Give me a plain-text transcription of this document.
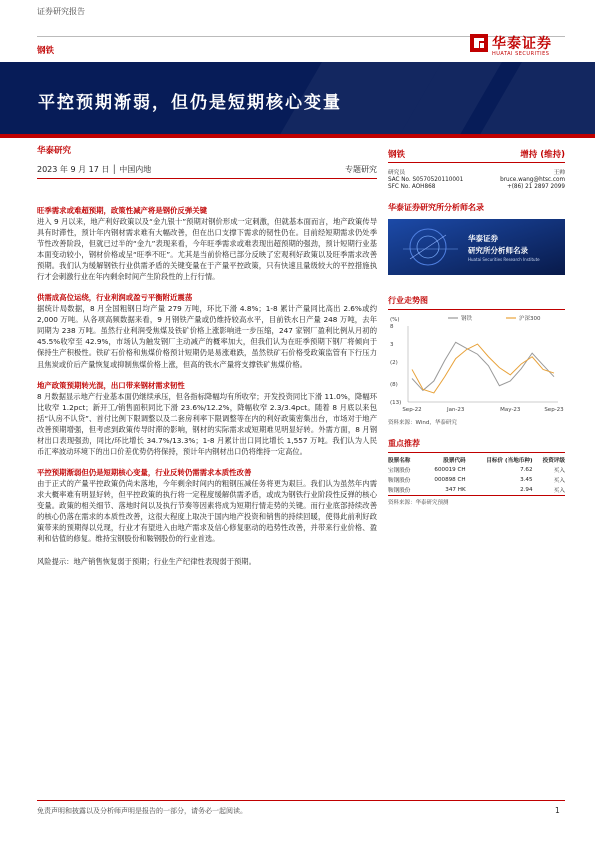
证券研究报告
钢铁	华泰证券
HUATAI SECURITIES
平控预期渐弱，但仍是短期核心变量
华泰研究
2023 年 9 月 17 日 │ 中国内地	专题研究
旺季需求或难超预期，政策性减产将是钢价反弹关键
进入 9 月以来，地产利好政策以及“金九银十”预期对钢价形成一定刺激，但就基本面而言，地产政策传导具有时滞性，预计年内钢材需求难有大幅改善，但在出口支撑下需求的韧性仍在。目前经短期需求仍处季节性改善阶段，但就已过半的“金九”表现来看，今年旺季需求或难表现出超预期的强劲，预计短期行业基本面变动较小，钢材价格或呈“旺季不旺”。尤其是当前价格已部分反映了宏观利好政策以及旺季需求改善预期。我们认为缓解钢铁行业供需矛盾的关键变量在于产量平控政策，只有快速且量级较大的平控措施执行才会刺激行业在年内剩余时间产生阶段性的上行行情。
供需成高位运绕，行业利润或盈亏平衡附近震荡
据统计局数据，8 月全国粗钢日均产量 279 万吨，环比下滑 4.8%；1-8 累计产量同比高出 2.6%或约 2,000 万吨。从各项高频数据来看，9 月钢铁产量或仍维持较高水平，目前铁水日产量 248 万吨，去年同期为 238 万吨。虽然行业利润受焦煤及铁矿价格上涨影响进一步压缩，247 家钢厂盈利比例从月初的 45.5%收窄至 42.9%，市场认为触发钢厂主动减产的概率加大，但我们认为在旺季预期下钢厂将倾向于保持生产积极性。铁矿石价格和焦煤价格预计短期仍是易涨难跌，虽然铁矿石价格受政策监管有下行压力且焦炭或价后产量恢复或抑制焦煤价格上涨，但高的铁水产量将支撑铁矿焦煤价格。
地产政策预期转光混，出口带来钢材需求韧性
8 月数据显示地产行业基本面仍继续承压，但各指标降幅均有所收窄；开发投资同比下滑 11.0%，降幅环比收窄 1.2pct；新开工/销售面积同比下滑 23.6%/12.2%，降幅收窄 2.3/3.4pct。随着 8 月底以来包括“认房不认贷”、首付比例下限调整以及二套房利率下限调整等在内的利好政策密集出台，市场对于地产改善预期增强，但考虑到政策传导时滞的影响，钢材的实际需求或短期难见明显好转。外需方面，8 月钢材出口表现强劲，同比/环比增长 34.7%/13.3%；1-8 月累计出口同比增长 1,557 万吨。我们认为人民币汇率波动环境下的出口价差优势仍将保持，预计年内钢材出口仍将维持一定高位。
平控预期渐弱但仍是短期核心变量，行业反转仍需需求本质性改善
由于正式的产量平控政策仍尚未落地，今年剩余时间内的粗钢压减任务将更为艰巨。我们认为虽然年内需求大概率难有明显好转，但平控政策的执行将一定程度缓解供需矛盾，或成为钢铁行业阶段性反弹的核心变量。政策的相关细节、落地时间以及执行节奏等因素将成为短期行情走势的关键。而行业底部持续改善的核心仍落在需求的本质性改善，这很大程度上取决于国内地产投资和销售的持续回暖，使得此前利好政策带来的预期得以兑现，行业才有望进入由地产需求及信心修复驱动的趋势性改善，并带来行业价格、盈利和估值的修复。维持宝钢股份和鞍钢股份的行业首选。
风险提示：地产销售恢复弱于预期；行业生产纪律性表现弱于预期。
钢铁	增持 (维持)
研究员	王帅
SAC No. S0570520110001	bruce.wang@htsc.com
SFC No. AOH868	+(86) 21 2897 2099
华泰证券研究所分析师名录
华泰证券
研究所分析师名录
Huatai Securities Research Institute
行业走势图
(%)
8
3
(2)
(8)
(13)
Sep-22	Jan-23	May-23	Sep-23
钢铁	沪深300
资料来源：Wind，华泰研究
重点推荐
股票名称	股票代码	目标价 (当地币种)	投资评级
宝钢股份	600019 CH	7.62	买入
鞍钢股份	000898 CH	3.45	买入
鞍钢股份	347 HK	2.94	买入
资料来源：华泰研究预测
免责声明和披露以及分析师声明是报告的一部分，请务必一起阅读。	1
